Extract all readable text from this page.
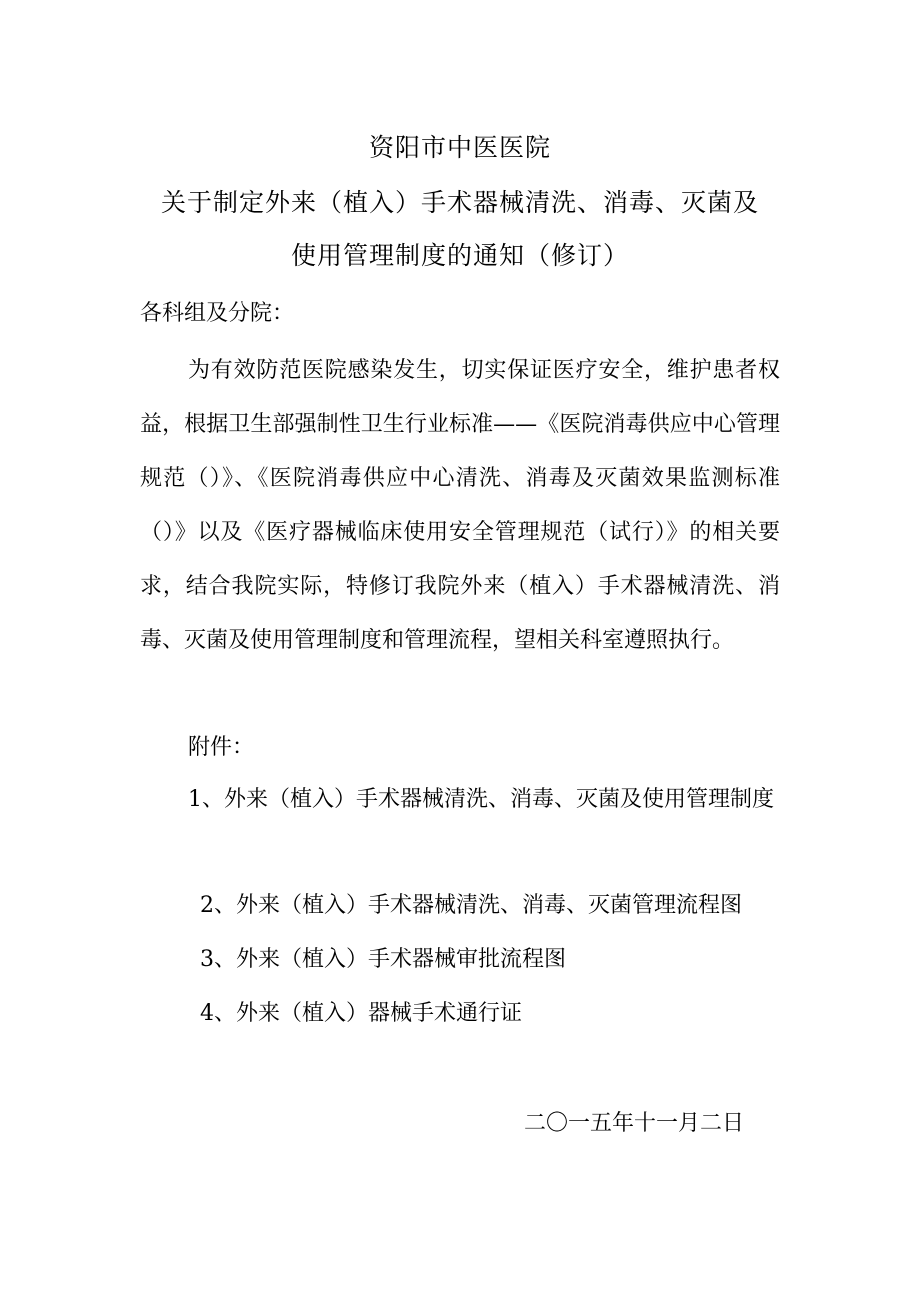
资阳市中医医院
关于制定外来（植入）手术器械清洗、消毒、灭菌及
使用管理制度的通知（修订）
各科组及分院：
为有效防范医院感染发生，切实保证医疗安全，维护患者权益，根据卫生部强制性卫生行业标准——《医院消毒供应中心管理规范（）》、《医院消毒供应中心清洗、消毒及灭菌效果监测标准（）》以及《医疗器械临床使用安全管理规范（试行）》的相关要求，结合我院实际，特修订我院外来（植入）手术器械清洗、消毒、灭菌及使用管理制度和管理流程，望相关科室遵照执行。
附件：
1、外来（植入）手术器械清洗、消毒、灭菌及使用管理制度
2、外来（植入）手术器械清洗、消毒、灭菌管理流程图
3、外来（植入）手术器械审批流程图
4、外来（植入）器械手术通行证
二〇一五年十一月二日
